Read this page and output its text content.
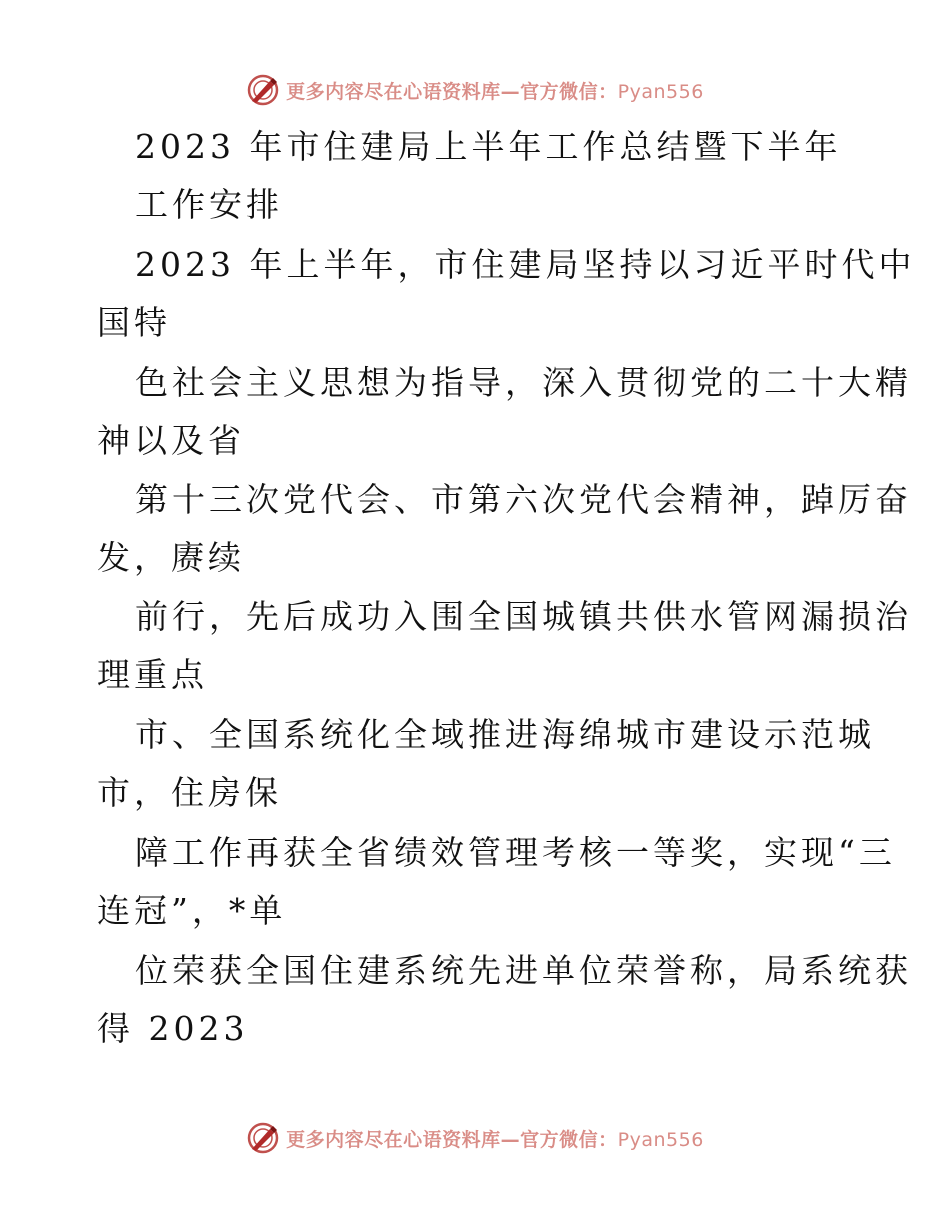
更多内容尽在心语资料库—官方微信：Pyan556
2023 年市住建局上半年工作总结暨下半年
工作安排
2023 年上半年，市住建局坚持以习近平时代中
国特
色社会主义思想为指导，深入贯彻党的二十大精
神以及省
第十三次党代会、市第六次党代会精神，踔厉奋
发，赓续
前行，先后成功入围全国城镇共供水管网漏损治
理重点
市、全国系统化全域推进海绵城市建设示范城
市，住房保
障工作再获全省绩效管理考核一等奖，实现“三
连冠”，*单
位荣获全国住建系统先进单位荣誉称，局系统获
得 2023
更多内容尽在心语资料库—官方微信：Pyan556
